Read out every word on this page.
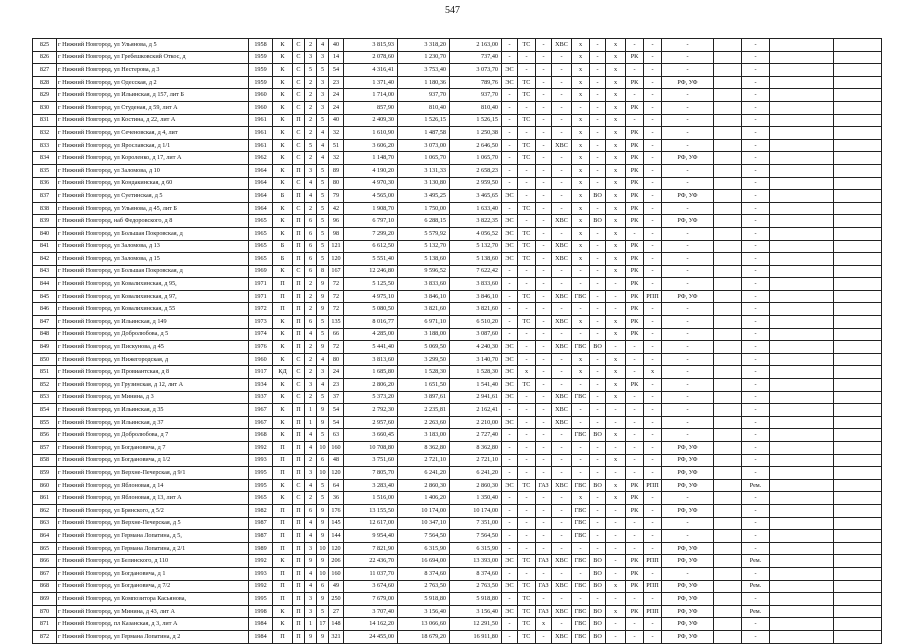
547
825	г Нижний Новгород, ул Ульянова, д 5	1958	К	С	2	4	40	3 815,93	3 318,20	2 163,00	-	ТС	-	ХВС	х	-	х	-	-	-		-		
826	г Нижний Новгород, ул Гребешковский Откос, д	1959	К	С	3	3	14	2 078,60	1 230,70	737,40	-	-	-	-	х	-	х	РК	-	-		-		
827	г Нижний Новгород, ул Нестерова, д 3	1959	К	С	5	5	54	4 316,41	3 753,40	3 073,70	ЭС	-	-	-	х	-	х	-	-	-		-		
828	г Нижний Новгород, ул Одесская, д 2	1959	К	С	2	3	23	1 371,40	1 180,36	789,76	ЭС	ТС	-	-	х	-	х	РК	-	РФ, УФ		-		
829	г Нижний Новгород, ул Ильинская, д 157, лит Б	1960	К	С	2	3	24	1 714,00	937,70	937,70	-	ТС	-	-	х	-	х	-	-	-		-		
830	г Нижний Новгород, ул Студеная, д 59, лит А	1960	К	С	2	3	24	857,90	810,40	810,40	-	-	-	-	-	-	х	РК	-	-		-		
831	г Нижний Новгород, ул Костина, д 22, лит А	1961	К	П	2	5	40	2 409,30	1 526,15	1 526,15	-	ТС	-	-	х	-	х	-	-	-		-		
832	г Нижний Новгород, ул Сеченовская, д 4, лит	1961	К	С	2	4	32	1 610,90	1 487,58	1 250,38	-	-	-	-	х	-	х	РК	-	-		-		
833	г Нижний Новгород, ул Ярославская, д 1/1	1961	К	С	5	4	51	3 606,20	3 073,00	2 646,50	-	ТС	-	ХВС	х	-	х	РК	-	-		-		
834	г Нижний Новгород, ул Короленко, д 17, лит А	1962	К	С	2	4	32	1 148,70	1 065,70	1 065,70	-	ТС	-	-	х	-	х	РК	-	РФ, УФ		-		
835	г Нижний Новгород, ул Заломова, д 10	1964	К	П	3	5	89	4 190,20	3 131,33	2 658,23	-	-	-	-	х	-	х	РК	-	-		-		
836	г Нижний Новгород, ул Кондакинская, д 60	1964	К	С	4	5	80	4 970,30	3 130,80	2 959,50	-	-	-	-	х	-	х	РК	-	-		-		
837	г Нижний Новгород, ул Суетинская, д 5	1964	Б	П	4	5	79	4 565,00	3 495,25	3 465,65	ЭС	-	-	-	х	ВО	х	РК	-	РФ, УФ		-		
838	г Нижний Новгород, ул Ульянова, д 45, лит Б	1964	К	С	2	5	42	1 908,70	1 750,00	1 633,40	-	ТС	-	-	х	-	х	РК	-	-		-		
839	г Нижний Новгород, наб Федоровского, д 8	1965	К	П	6	5	96	6 797,10	6 288,15	3 822,35	ЭС	-	-	ХВС	х	ВО	х	РК	-	РФ, УФ		-		
840	г Нижний Новгород, ул Большая Покровская, д	1965	К	П	6	5	98	7 299,20	5 579,92	4 056,52	ЭС	ТС	-	-	х	-	х	-	-	-		-		
841	г Нижний Новгород, ул Заломова, д 13	1965	Б	П	6	5	121	6 612,50	5 132,70	5 132,70	ЭС	ТС	-	ХВС	х	-	х	РК	-	-		-		
842	г Нижний Новгород, ул Заломова, д 15	1965	Б	П	6	5	120	5 551,40	5 138,60	5 138,60	ЭС	ТС	-	ХВС	х	-	х	РК	-	-		-		
843	г Нижний Новгород, ул Большая Покровская, д	1969	К	С	6	8	167	12 246,80	9 596,52	7 622,42	-	-	-	-	-	-	х	РК	-	-		-		
844	г Нижний Новгород, ул Ковалихинская, д 95,	1971	П	П	2	9	72	5 125,50	3 833,60	3 833,60	-	-	-	-	-	-	-	РК	-	-		-		
845	г Нижний Новгород, ул Ковалихинская, д 97,	1971	П	П	2	9	72	4 975,10	3 846,10	3 846,10	-	ТС	-	ХВС	ГВС	-	-	РК	РПП	РФ, УФ		-		
846	г Нижний Новгород, ул Ковалихинская, д 55	1972	П	П	2	9	72	5 080,50	3 821,60	3 821,60	-	-	-	-	-	-	-	РК	-	-		-		
847	г Нижний Новгород, ул Ильинская, д 149	1973	К	П	6	5	135	8 016,77	6 971,10	6 510,20	-	ТС	-	ХВС	х	-	х	РК	-	-		-		
848	г Нижний Новгород, ул Добролюбова, д 5	1974	К	П	4	5	66	4 285,00	3 188,00	3 087,60	-	-	-	-	-	-	х	РК	-	-		-		
849	г Нижний Новгород, ул Пискунова, д 45	1976	К	П	2	9	72	5 441,40	5 069,50	4 240,30	ЭС	-	-	ХВС	ГВС	ВО	-	-	-	-		-		
850	г Нижний Новгород, ул Нижегородская, д	1960	К	С	2	4	80	3 813,60	3 299,50	3 140,70	ЭС	-	-	-	х	-	х	-	-	-		-		
851	г Нижний Новгород, ул Провиантская, д 8	1917	КД	С	2	3	24	1 685,80	1 528,30	1 528,30	ЭС	х	-	-	х	-	х	-	х	-		-		
852	г Нижний Новгород, ул Грузинская, д 12, лит А	1934	К	С	3	4	23	2 806,20	1 651,50	1 541,40	ЭС	ТС	-	-	-	-	х	РК	-	-		-		
853	г Нижний Новгород, ул Минина, д 3	1937	К	С	2	5	37	5 373,20	3 897,61	2 941,61	ЭС	-	-	ХВС	ГВС	-	х	-	-	-		-		
854	г Нижний Новгород, ул Ильинская, д 35	1967	К	П	1	9	54	2 792,30	2 235,81	2 162,41	-	-	-	ХВС	-	-	-	-	-	-		-		
855	г Нижний Новгород, ул Ильинская, д 37	1967	К	П	1	9	54	2 957,60	2 263,60	2 210,00	ЭС	-	-	ХВС	-	-	-	-	-	-		-		
856	г Нижний Новгород, ул Добролюбова, д 7	1968	К	П	4	5	63	3 660,45	3 183,00	2 727,40	-	-	-	-	ГВС	ВО	х	-	-	-		-		
857	г Нижний Новгород, ул Богдановича, д 7	1992	П	П	4	10	160	10 708,80	8 362,80	8 362,80	-	-	-	-	-	-	-	-	-	РФ, УФ		-		
858	г Нижний Новгород, ул Богдановича, д 1/2	1993	П	П	2	6	48	3 751,60	2 721,10	2 721,10	-	-	-	-	-	-	х	-	-	РФ, УФ		-		
859	г Нижний Новгород, ул Верхне-Печерская, д 9/1	1995	П	П	3	10	120	7 805,70	6 241,20	6 241,20	-	-	-	-	-	-	-	-	-	РФ, УФ		-		
860	г Нижний Новгород, ул Яблоновая, д 14	1995	К	С	4	5	64	3 283,40	2 860,30	2 860,30	ЭС	ТС	ГАЗ	ХВС	ГВС	ВО	х	РК	РПП	РФ, УФ		Рем.		
861	г Нижний Новгород, ул Яблоновая, д 13, лит А	1965	К	С	2	5	36	1 516,00	1 406,20	1 350,40	-	-	-	-	х	-	х	РК	-	-		-		
862	г Нижний Новгород, ул Брянского, д 5/2	1982	П	П	6	9	176	13 155,50	10 174,00	10 174,00	-	-	-	-	ГВС	-	-	РК	-	РФ, УФ		-		
863	г Нижний Новгород, ул Верхне-Печерская, д 5	1987	П	П	4	9	145	12 617,00	10 347,10	7 351,00	-	-	-	-	ГВС	-	-	-	-	-		-		
864	г Нижний Новгород, ул Германа Лопатина, д 5,	1987	П	П	4	9	144	9 954,40	7 564,50	7 564,50	-	-	-	-	ГВС	-	-	-	-	-		-		
865	г Нижний Новгород, ул Германа Лопатина, д 2/1	1989	П	П	3	10	120	7 821,90	6 315,90	6 315,90	-	-	-	-	-	-	-	-	-	РФ, УФ		-		
866	г Нижний Новгород, ул Белинского, д 110	1992	К	П	9	9	206	22 436,70	16 694,00	13 393,00	ЭС	ТС	ГАЗ	ХВС	ГВС	ВО	-	РК	РПП	РФ, УФ		Рем.		
867	г Нижний Новгород, ул Богдановича, д 1	1993	П	П	4	10	160	11 037,70	8 374,60	8 374,60	-	-	-	-	-	ВО	-	РК	-	-		-		
868	г Нижний Новгород, ул Богдановича, д 7/2	1992	П	П	4	6	49	3 674,60	2 763,50	2 763,50	ЭС	ТС	ГАЗ	ХВС	ГВС	ВО	х	РК	РПП	РФ, УФ		Рем.		
869	г Нижний Новгород, ул Композитора Касьянова,	1995	П	П	3	9	250	7 679,00	5 918,80	5 918,80	-	ТС	-	-	-	-	-	-	-	РФ, УФ		-		
870	г Нижний Новгород, ул Минина, д 43, лит А	1998	К	П	3	5	27	3 707,40	3 156,40	3 156,40	ЭС	ТС	ГАЗ	ХВС	ГВС	ВО	х	РК	РПП	РФ, УФ		Рем.		
871	г Нижний Новгород, пл Казанская, д 3, лит А	1984	К	П	1	17	148	14 162,20	13 066,60	12 291,50	-	ТС	х	-	ГВС	ВО	-	-	-	РФ, УФ		-		
872	г Нижний Новгород, ул Германа Лопатина, д 2	1984	П	П	9	9	321	24 455,00	18 679,20	16 911,80	-	ТС	-	ХВС	ГВС	ВО	-	-	-	РФ, УФ		-		
